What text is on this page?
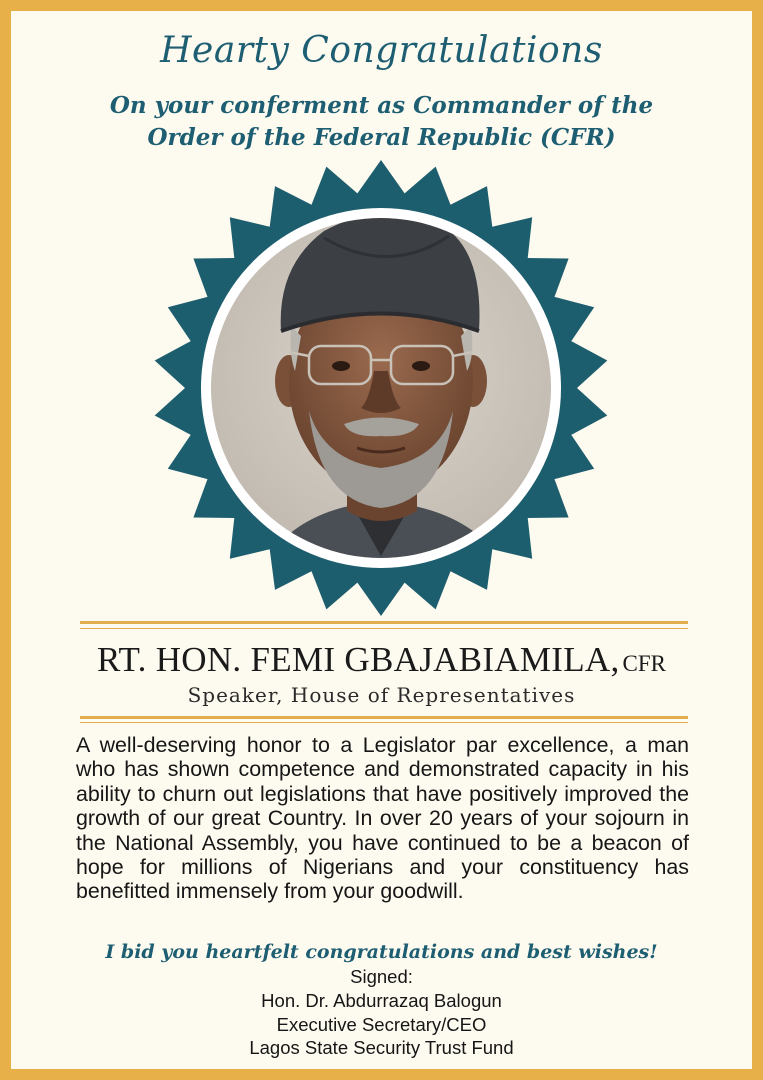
Hearty Congratulations
On your conferment as Commander of the
Order of the Federal Republic (CFR)
RT. HON. FEMI GBAJABIAMILA, CFR
Speaker, House of Representatives
A well-deserving honor to a Legislator par excellence, a man who has shown competence and demonstrated capacity in his ability to churn out legislations that have positively improved the growth of our great Country. In over 20 years of your sojourn in the National Assembly, you have continued to be a beacon of hope for millions of Nigerians and your constituency has benefitted immensely from your goodwill.
I bid you heartfelt congratulations and best wishes!
Signed:
Hon. Dr. Abdurrazaq Balogun
Executive Secretary/CEO
Lagos State Security Trust Fund
